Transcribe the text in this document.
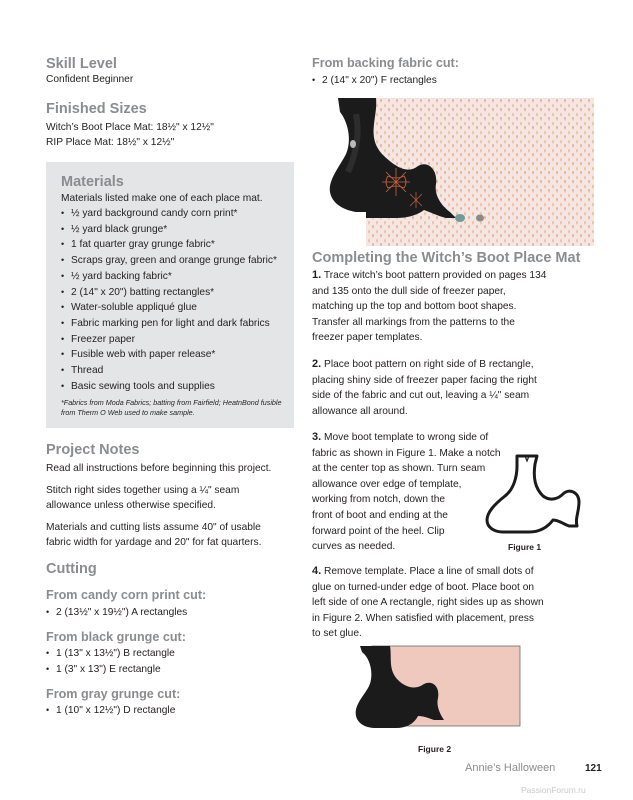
Skill Level
Confident Beginner
Finished Sizes
Witch’s Boot Place Mat: 18½" x 12½"
RIP Place Mat: 18½" x 12½"
Materials
Materials listed make one of each place mat.
• ½ yard background candy corn print*
• ½ yard black grunge*
• 1 fat quarter gray grunge fabric*
• Scraps gray, green and orange grunge fabric*
• ½ yard backing fabric*
• 2 (14" x 20") batting rectangles*
• Water-soluble appliqué glue
• Fabric marking pen for light and dark fabrics
• Freezer paper
• Fusible web with paper release*
• Thread
• Basic sewing tools and supplies
*Fabrics from Moda Fabrics; batting from Fairfield; HeatnBond fusible
from Therm O Web used to make sample.
Project Notes
Read all instructions before beginning this project.
Stitch right sides together using a ¼" seam
allowance unless otherwise specified.
Materials and cutting lists assume 40" of usable
fabric width for yardage and 20" for fat quarters.
Cutting
From candy corn print cut:
• 2 (13½" x 19½") A rectangles
From black grunge cut:
• 1 (13" x 13½") B rectangle
• 1 (3" x 13") E rectangle
From gray grunge cut:
• 1 (10" x 12½") D rectangle
From backing fabric cut:
• 2 (14" x 20") F rectangles
Completing the Witch’s Boot Place Mat
1. Trace witch’s boot pattern provided on pages 134
and 135 onto the dull side of freezer paper,
matching up the top and bottom boot shapes.
Transfer all markings from the patterns to the
freezer paper templates.
2. Place boot pattern on right side of B rectangle,
placing shiny side of freezer paper facing the right
side of the fabric and cut out, leaving a ¼" seam
allowance all around.
3. Move boot template to wrong side of
fabric as shown in Figure 1. Make a notch
at the center top as shown. Turn seam
allowance over edge of template,
working from notch, down the
front of boot and ending at the
forward point of the heel. Clip
curves as needed.	Figure 1
4. Remove template. Place a line of small dots of
glue on turned-under edge of boot. Place boot on
left side of one A rectangle, right sides up as shown
in Figure 2. When satisfied with placement, press
to set glue.
Figure 2
Annie’s Halloween	121
PassionForum.ru
